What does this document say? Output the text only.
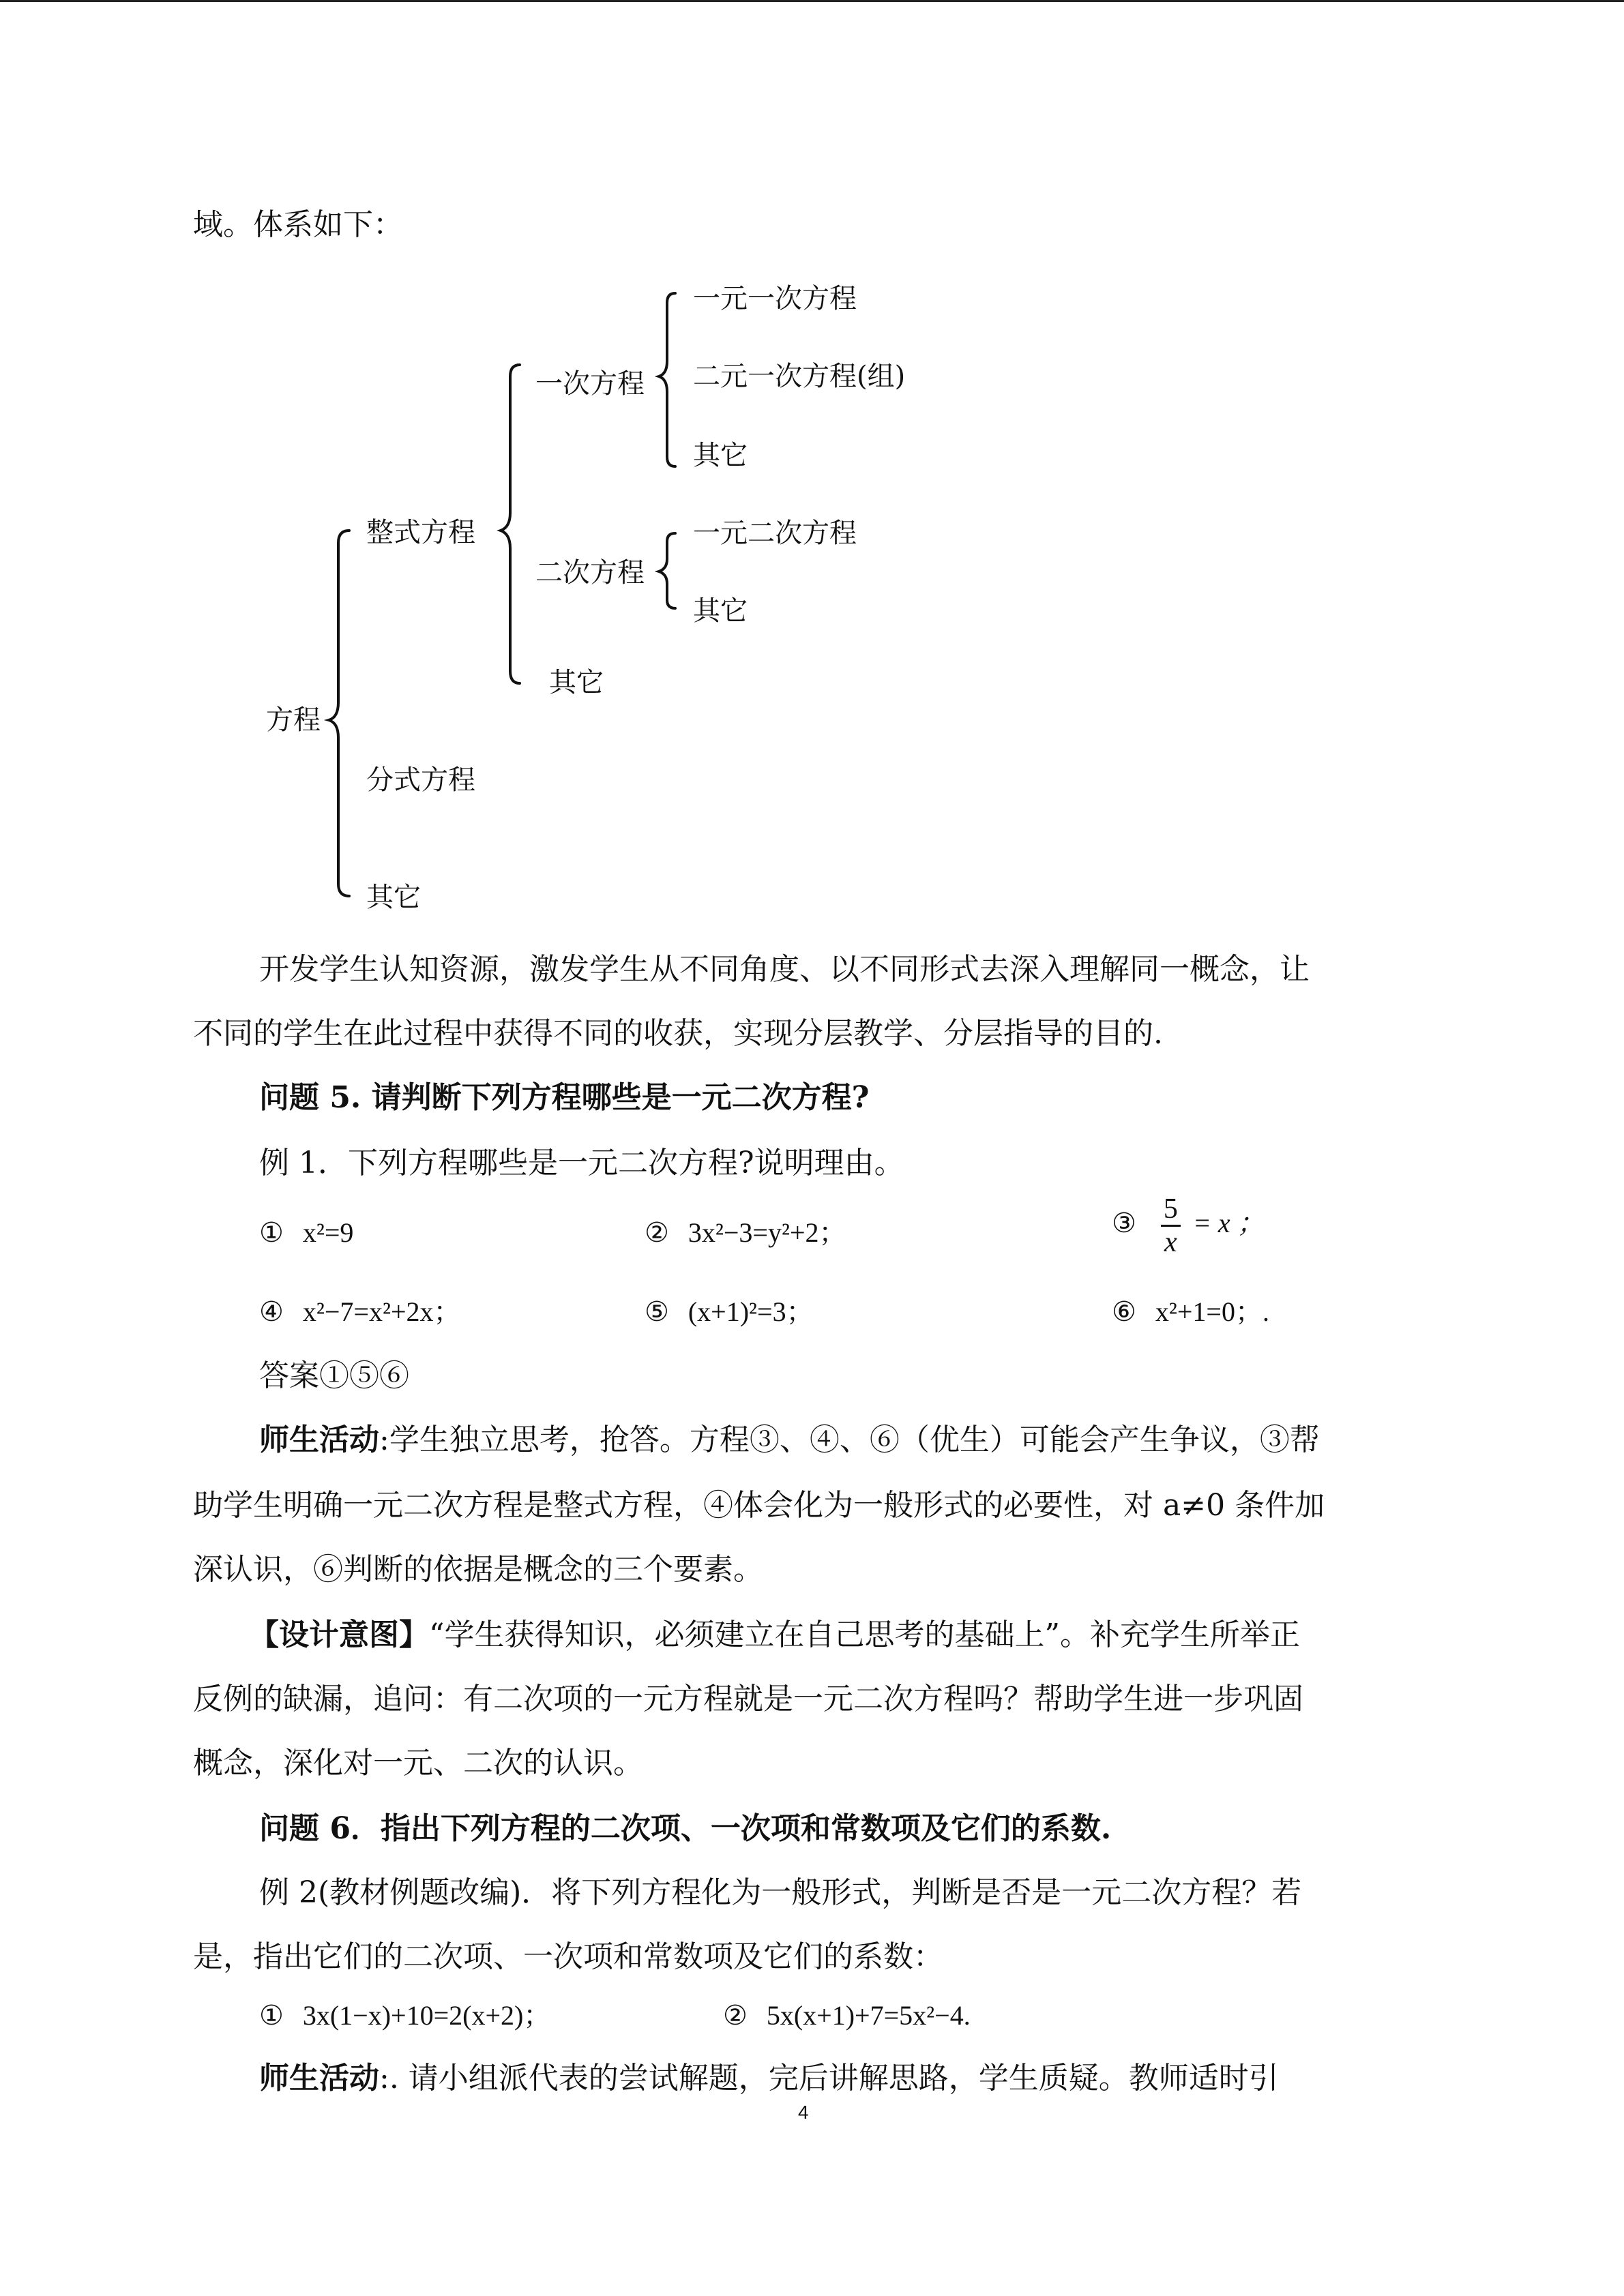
域。体系如下：
方程
整式方程
一次方程
一元一次方程
二元一次方程(组)
其它
二次方程
一元二次方程
其它
其它
分式方程
其它
开发学生认知资源，激发学生从不同角度、以不同形式去深入理解同一概念，让
不同的学生在此过程中获得不同的收获，实现分层教学、分层指导的目的.
问题 5. 请判断下列方程哪些是一元二次方程?
例 1．下列方程哪些是一元二次方程?说明理由。
① x²=9	② 3x²−3=y²+2；	③ $\frac{5}{x} = x$ ；
④ x²−7=x²+2x；	⑤ (x+1)²=3；	⑥ x²+1=0；.
答案①⑤⑥
师生活动:学生独立思考，抢答。方程③、④、⑥（优生）可能会产生争议，③帮
助学生明确一元二次方程是整式方程，④体会化为一般形式的必要性，对 a≠0 条件加
深认识，⑥判断的依据是概念的三个要素。
【设计意图】“学生获得知识，必须建立在自己思考的基础上”。补充学生所举正
反例的缺漏，追问：有二次项的一元方程就是一元二次方程吗？帮助学生进一步巩固
概念，深化对一元、二次的认识。
问题 6．指出下列方程的二次项、一次项和常数项及它们的系数.
例 2(教材例题改编)．将下列方程化为一般形式，判断是否是一元二次方程？若
是，指出它们的二次项、一次项和常数项及它们的系数：
① 3x(1−x)+10=2(x+2)；	② 5x(x+1)+7=5x²−4.
师生活动:. 请小组派代表的尝试解题，完后讲解思路，学生质疑。教师适时引
4
